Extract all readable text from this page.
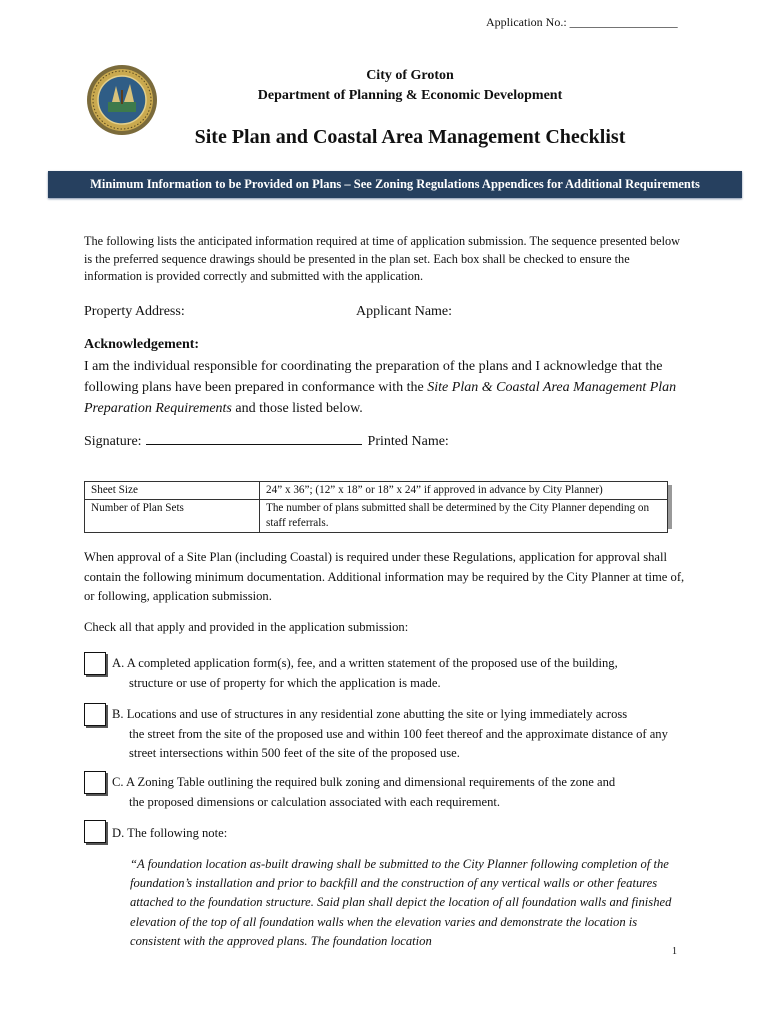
Application No.: __________________
City of Groton
Department of Planning & Economic Development
Site Plan and Coastal Area Management Checklist
Minimum Information to be Provided on Plans – See Zoning Regulations Appendices for Additional Requirements
The following lists the anticipated information required at time of application submission. The sequence presented below is the preferred sequence drawings should be presented in the plan set. Each box shall be checked to ensure the information is provided correctly and submitted with the application.
Property Address:	Applicant Name:
Acknowledgement:
I am the individual responsible for coordinating the preparation of the plans and I acknowledge that the following plans have been prepared in conformance with the Site Plan & Coastal Area Management Plan Preparation Requirements and those listed below.
Signature:	Printed Name:
Sheet Size	24” x 36”; (12” x 18” or 18” x 24” if approved in advance by City Planner)
Number of Plan Sets	The number of plans submitted shall be determined by the City Planner depending on staff referrals.
When approval of a Site Plan (including Coastal) is required under these Regulations, application for approval shall contain the following minimum documentation. Additional information may be required by the City Planner at time of, or following, application submission.
Check all that apply and provided in the application submission:
A. A completed application form(s), fee, and a written statement of the proposed use of the building,
structure or use of property for which the application is made.
B. Locations and use of structures in any residential zone abutting the site or lying immediately across
the street from the site of the proposed use and within 100 feet thereof and the approximate distance of any street intersections within 500 feet of the site of the proposed use.
C. A Zoning Table outlining the required bulk zoning and dimensional requirements of the zone and
the proposed dimensions or calculation associated with each requirement.
D. The following note:
“A foundation location as-built drawing shall be submitted to the City Planner following completion of the foundation’s installation and prior to backfill and the construction of any vertical walls or other features attached to the foundation structure. Said plan shall depict the location of all foundation walls and finished elevation of the top of all foundation walls when the elevation varies and demonstrate the location is consistent with the approved plans. The foundation location
1
